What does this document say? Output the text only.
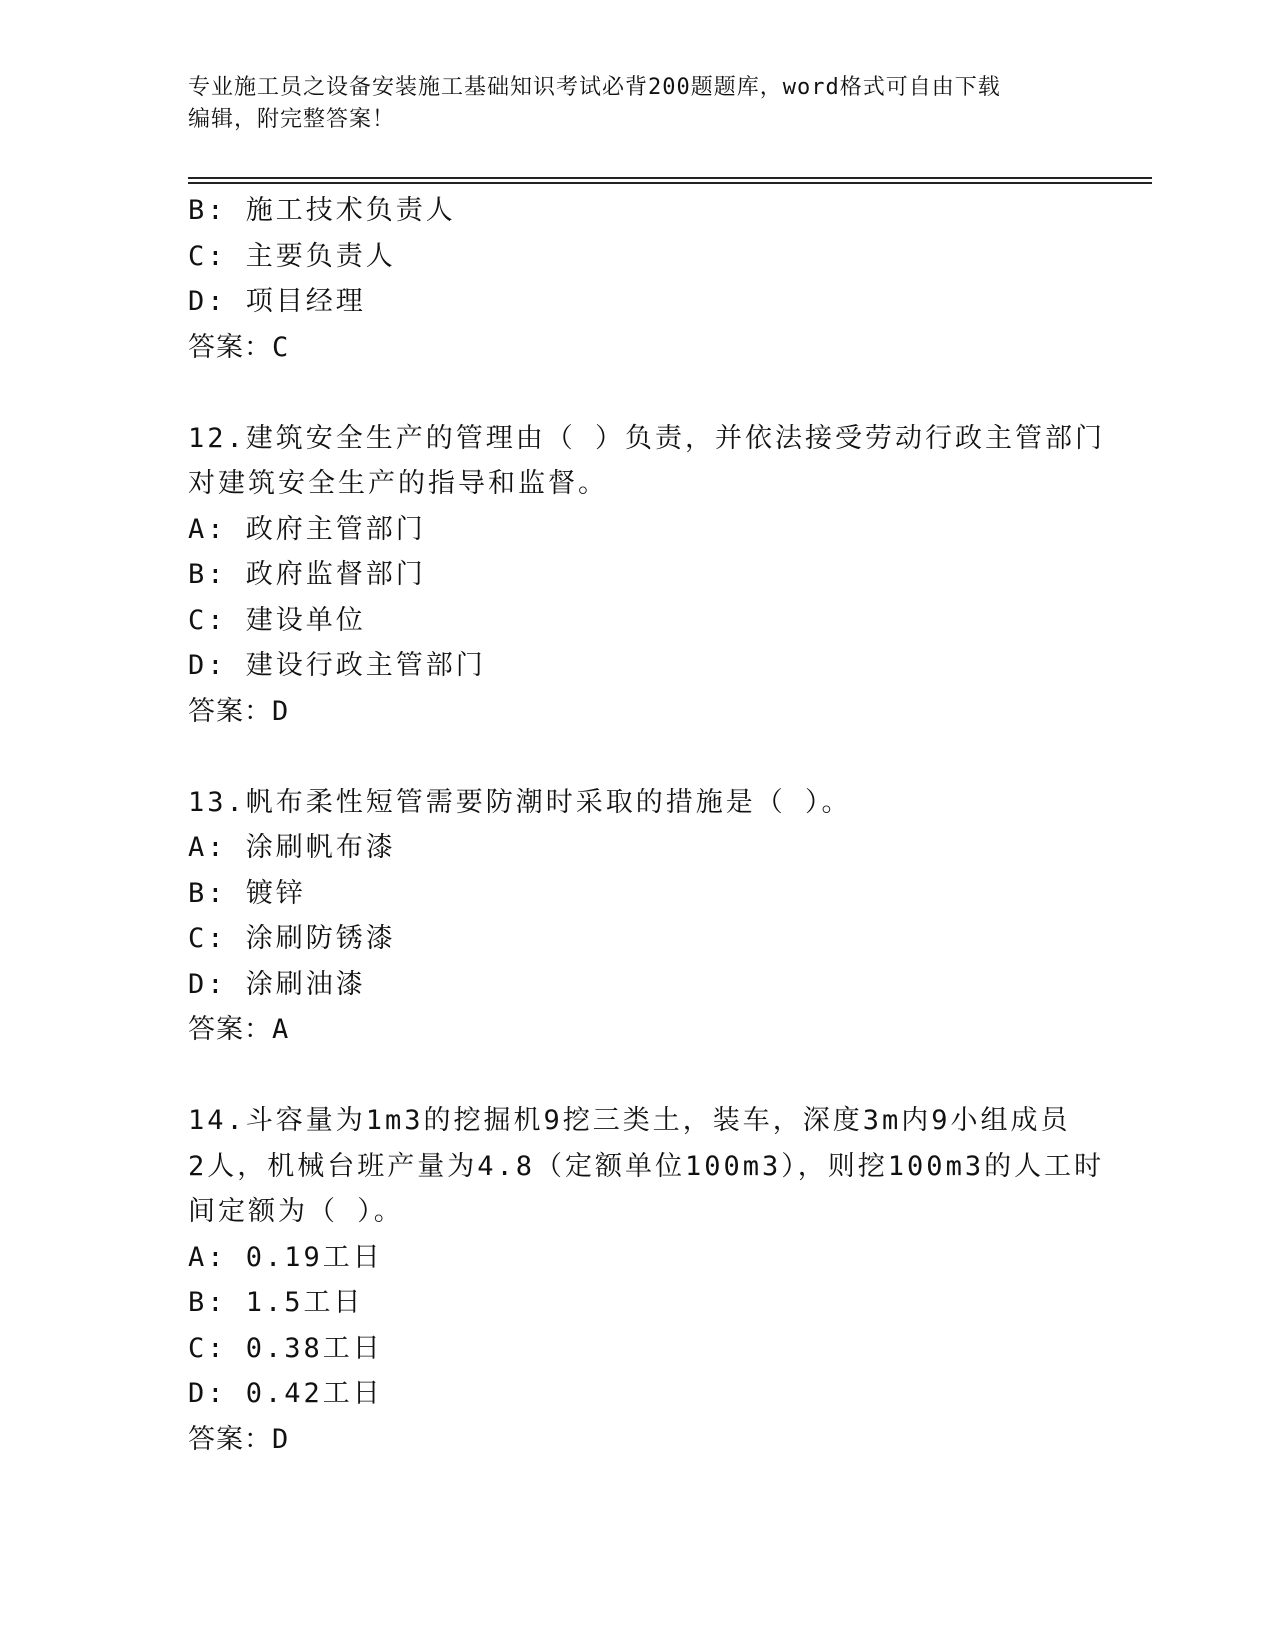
专业施工员之设备安装施工基础知识考试必背200题题库，word格式可自由下载
编辑，附完整答案！
B: 施工技术负责人
C: 主要负责人
D: 项目经理
答案：C
12.建筑安全生产的管理由（ ）负责，并依法接受劳动行政主管部门
对建筑安全生产的指导和监督。
A: 政府主管部门
B: 政府监督部门
C: 建设单位
D: 建设行政主管部门
答案：D
13.帆布柔性短管需要防潮时采取的措施是（ ）。
A: 涂刷帆布漆
B: 镀锌
C: 涂刷防锈漆
D: 涂刷油漆
答案：A
14.斗容量为1m3的挖掘机9挖三类土，装车，深度3m内9小组成员
2人，机械台班产量为4.8（定额单位100m3），则挖100m3的人工时
间定额为（ ）。
A: 0.19工日
B: 1.5工日
C: 0.38工日
D: 0.42工日
答案：D
